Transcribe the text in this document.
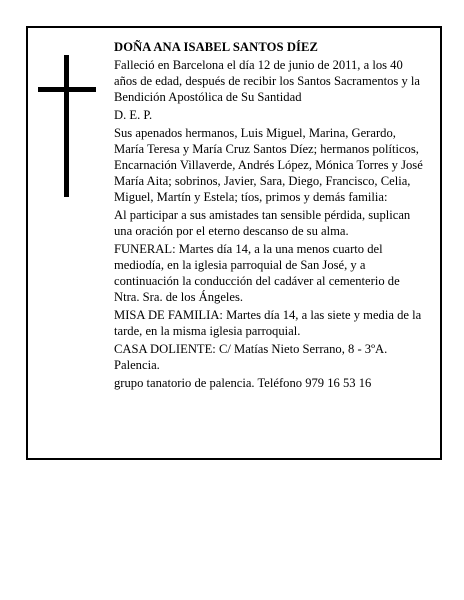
DOÑA ANA ISABEL SANTOS DÍEZ

Falleció en Barcelona el día 12 de junio de 2011, a los 40 años de edad, después de recibir los Santos Sacramentos y la Bendición Apostólica de Su Santidad

D. E. P.

Sus apenados hermanos, Luis Miguel, Marina, Gerardo, María Teresa y María Cruz Santos Díez; hermanos políticos, Encarnación Villaverde, Andrés López, Mónica Torres y José María Aita; sobrinos, Javier, Sara, Diego, Francisco, Celia, Miguel, Martín y Estela; tíos, primos y demás familia:

Al participar a sus amistades tan sensible pérdida, suplican una oración por el eterno descanso de su alma.

FUNERAL: Martes día 14, a la una menos cuarto del mediodía, en la iglesia parroquial de San José, y a continuación la conducción del cadáver al cementerio de Ntra. Sra. de los Ángeles.

MISA DE FAMILIA: Martes día 14, a las siete y media de la tarde, en la misma iglesia parroquial.

CASA DOLIENTE: C/ Matías Nieto Serrano, 8 - 3ºA. Palencia.

grupo tanatorio de palencia. Teléfono 979 16 53 16
